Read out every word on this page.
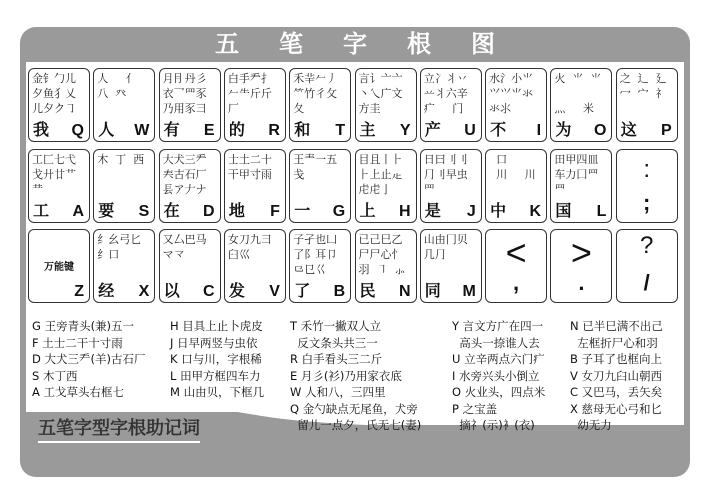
五笔字根图
金钅勹儿
夕鱼犭乂
儿夕ク㇆
我 Q
人     亻
八  癶

人 W
月⺝丹彡
衣⺂罒豕
乃用豕⺕
有 E
白手龵扌
𠂉⺧斤斤
厂
的 R
禾⺸𠂉丿
⺮竹彳攵
夂
和 T
言讠亠亠
丶乀广文
方圭
主 Y
立冫丬丷
䒑⺦六辛
疒     门
产 U
水氵小⺌
⺍⺍⺌氺
氺⺢
不 I
火  ⺌  ⺌

灬     米
为 O
之  辶  廴
冖  宀  礻

这 P
工匚七弋
戈廾廿艹
龷
工 A
木  丁  西

要 S
大犬三龵
𡗗古石厂
镸ア𠂇ナ
在 D
士土二十
干甲寸雨

地 F
王龶一五
戋

一 G
目且丨⺊
⺊上止龰
虍虍亅
上 H
日曰刂刂
⺆刂早虫
⺲
是 J
口
川     川

中 K
田甲四皿
车力囗罒
罒
国 L
:
;
万能键
Z
纟幺弓匕
纟口

经 X
又厶巴马
マ龴

以 C
女刀九彐
臼巛

发 V
子孑也凵
了阝耳卩
⺋㔾巜
了 B
已己巳乙
尸尸心忄
羽  ㇕  ⺗
民 N
山由冂贝
几⺆

同 M
<
,
>
.
?
/
G 王旁青头(兼)五一
F 土士二干十寸雨
D 大犬三龵(羊)古石厂
S 木丁西
A 工戈草头右框七
H 目具上止卜虎皮
J 日早两竖与虫依
K 口与川，字根稀
L 田甲方框四车力
M 山由贝，下框几
T 禾竹一撇双人立
反文条头共三一
R 白手看头三二斤
E 月彡(衫)乃用家衣底
W 人和八，三四里
Q 金勺缺点无尾鱼，犬旁
留儿一点夕，氏无七(妻)
Y 言文方广在四一
高头一捺谁人去
U 立辛两点六门疒
I 水旁兴头小倒立
O 火业头，四点米
P 之宝盖
摘礻(示)衤(衣)
N 已半巳满不出己
左框折尸心和羽
B 子耳了也框向上
V 女刀九臼山朝西
C 又巴马，丢矢矣
X 慈母无心弓和匕
幼无力
五笔字型字根助记词
